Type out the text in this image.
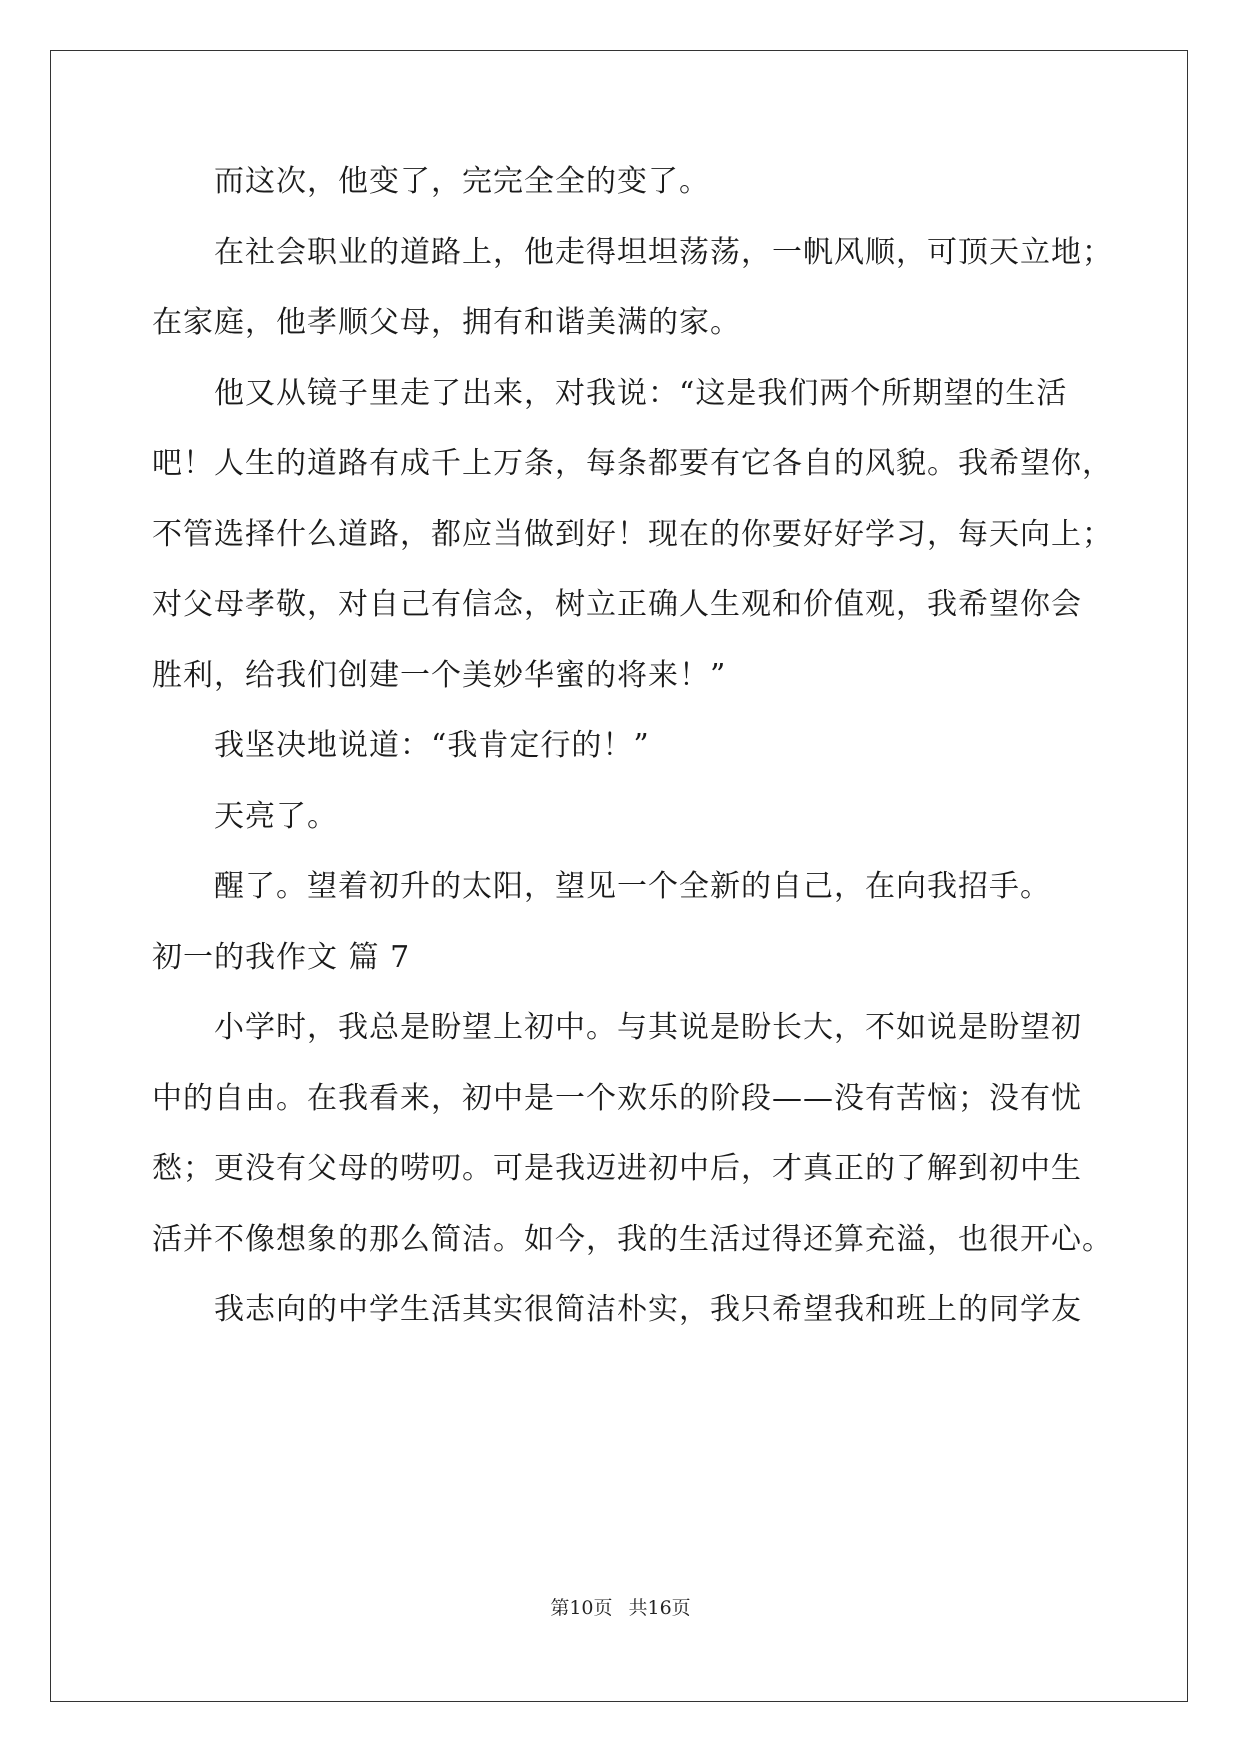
而这次，他变了，完完全全的变了。
在社会职业的道路上，他走得坦坦荡荡，一帆风顺，可顶天立地；
在家庭，他孝顺父母，拥有和谐美满的家。
他又从镜子里走了出来，对我说：“这是我们两个所期望的生活
吧！人生的道路有成千上万条，每条都要有它各自的风貌。我希望你，
不管选择什么道路，都应当做到好！现在的你要好好学习，每天向上；
对父母孝敬，对自己有信念，树立正确人生观和价值观，我希望你会
胜利，给我们创建一个美妙华蜜的将来！”
我坚决地说道：“我肯定行的！”
天亮了。
醒了。望着初升的太阳，望见一个全新的自己，在向我招手。
初一的我作文 篇 7
小学时，我总是盼望上初中。与其说是盼长大，不如说是盼望初
中的自由。在我看来，初中是一个欢乐的阶段——没有苦恼；没有忧
愁；更没有父母的唠叨。可是我迈进初中后，才真正的了解到初中生
活并不像想象的那么简洁。如今，我的生活过得还算充溢，也很开心。
我志向的中学生活其实很简洁朴实，我只希望我和班上的同学友
第10页 共16页
